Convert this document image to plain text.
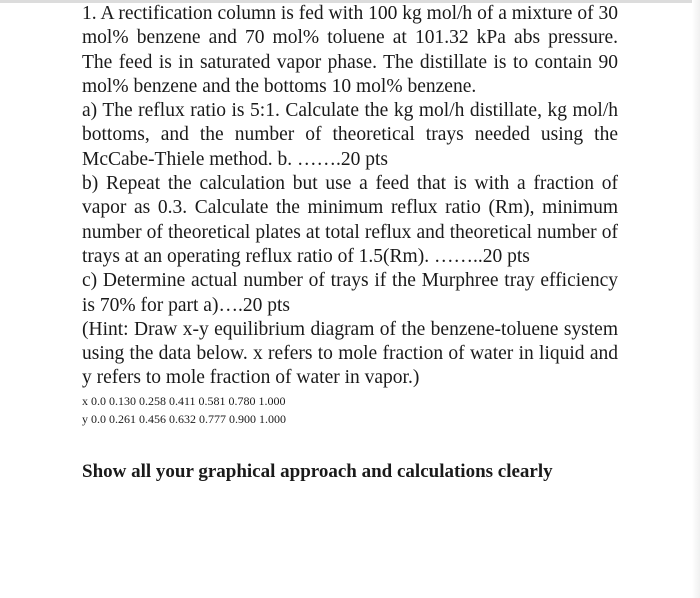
1. A rectification column is fed with 100 kg mol/h of a mixture of 30 mol% benzene and 70 mol% toluene at 101.32 kPa abs pressure. The feed is in saturated vapor phase. The distillate is to contain 90 mol% benzene and the bottoms 10 mol% benzene.

a) The reflux ratio is 5:1. Calculate the kg mol/h distillate, kg mol/h bottoms, and the number of theoretical trays needed using the McCabe-Thiele method. b. …….20 pts

b) Repeat the calculation but use a feed that is with a fraction of vapor as 0.3. Calculate the minimum reflux ratio (Rm), minimum number of theoretical plates at total reflux and theoretical number of trays at an operating reflux ratio of 1.5(Rm). ……..20 pts

c) Determine actual number of trays if the Murphree tray efficiency is 70% for part a)….20 pts

(Hint: Draw x-y equilibrium diagram of the benzene-toluene system using the data below. x refers to mole fraction of water in liquid and y refers to mole fraction of water in vapor.)

x 0.0 0.130 0.258 0.411 0.581 0.780 1.000

y 0.0 0.261 0.456 0.632 0.777 0.900 1.000

Show all your graphical approach and calculations clearly
